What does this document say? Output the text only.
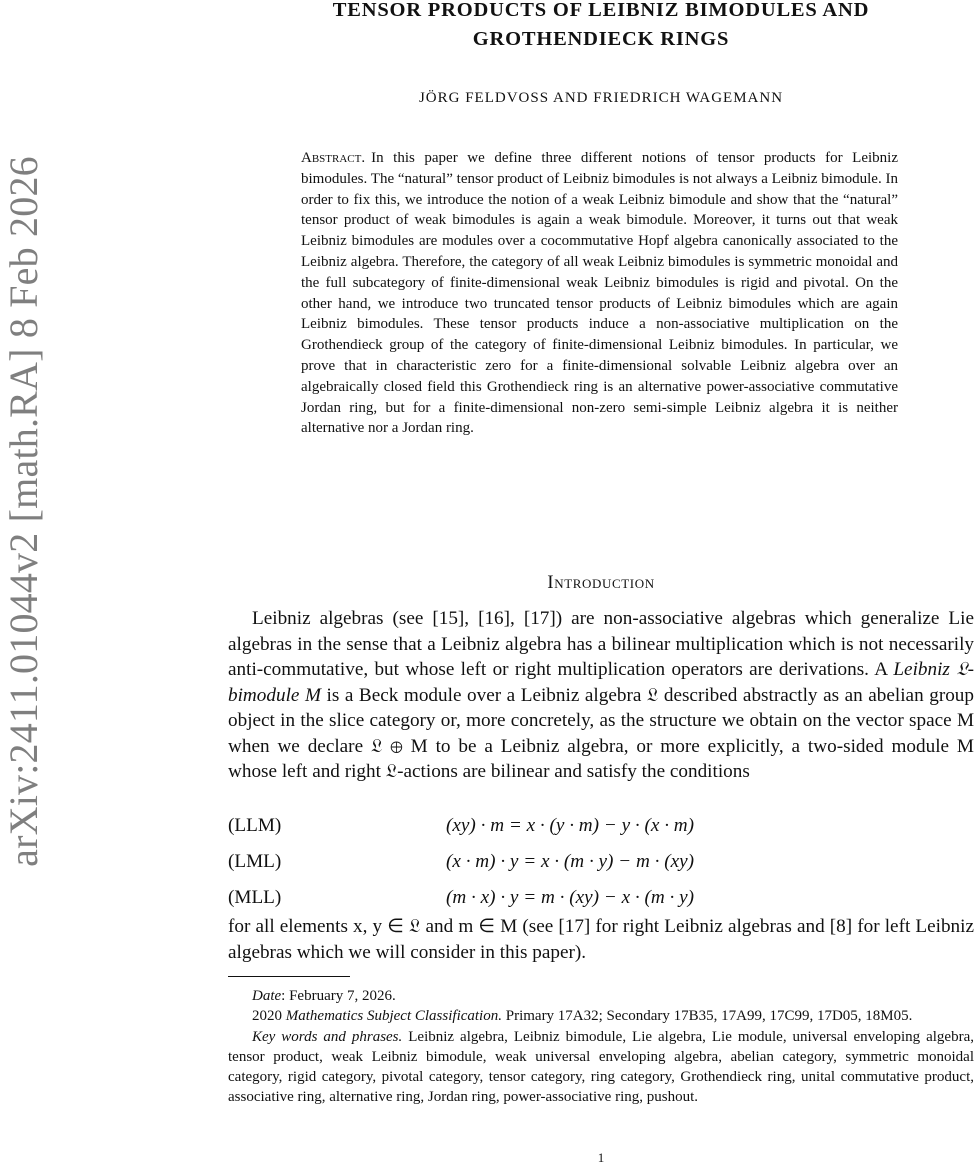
arXiv:2411.01044v2 [math.RA] 8 Feb 2026
TENSOR PRODUCTS OF LEIBNIZ BIMODULES AND
GROTHENDIECK RINGS
JÖRG FELDVOSS AND FRIEDRICH WAGEMANN
Abstract. In this paper we define three different notions of tensor products for Leibniz bimodules. The “natural” tensor product of Leibniz bimodules is not always a Leibniz bimodule. In order to fix this, we introduce the notion of a weak Leibniz bimodule and show that the “natural” tensor product of weak bimodules is again a weak bimodule. Moreover, it turns out that weak Leibniz bimodules are modules over a cocommutative Hopf algebra canonically associated to the Leibniz algebra. Therefore, the category of all weak Leibniz bimodules is symmetric monoidal and the full subcategory of finite-dimensional weak Leibniz bimodules is rigid and pivotal. On the other hand, we introduce two truncated tensor products of Leibniz bimodules which are again Leibniz bimodules. These tensor products induce a non-associative multiplication on the Grothendieck group of the category of finite-dimensional Leibniz bimodules. In particular, we prove that in characteristic zero for a finite-dimensional solvable Leibniz algebra over an algebraically closed field this Grothendieck ring is an alternative power-associative commutative Jordan ring, but for a finite-dimensional non-zero semi-simple Leibniz algebra it is neither alternative nor a Jordan ring.
Introduction

Leibniz algebras (see [15], [16], [17]) are non-associative algebras which generalize Lie algebras in the sense that a Leibniz algebra has a bilinear multiplication which is not necessarily anti-commutative, but whose left or right multiplication operators are derivations. A Leibniz 𝔏-bimodule M is a Beck module over a Leibniz algebra 𝔏 described abstractly as an abelian group object in the slice category or, more concretely, as the structure we obtain on the vector space M when we declare 𝔏 ⊕ M to be a Leibniz algebra, or more explicitly, a two-sided module M whose left and right 𝔏-actions are bilinear and satisfy the conditions

(LLM)	(xy) · m = x · (y · m) − y · (x · m)
(LML)	(x · m) · y = x · (m · y) − m · (xy)
(MLL)	(m · x) · y = m · (xy) − x · (m · y)

for all elements x, y ∈ 𝔏 and m ∈ M (see [17] for right Leibniz algebras and [8] for left Leibniz algebras which we will consider in this paper).

Date: February 7, 2026.

2020 Mathematics Subject Classification. Primary 17A32; Secondary 17B35, 17A99, 17C99, 17D05, 18M05.

Key words and phrases. Leibniz algebra, Leibniz bimodule, Lie algebra, Lie module, universal enveloping algebra, tensor product, weak Leibniz bimodule, weak universal enveloping algebra, abelian category, symmetric monoidal category, rigid category, pivotal category, tensor category, ring category, Grothendieck ring, unital commutative product, associative ring, alternative ring, Jordan ring, power-associative ring, pushout.

1
